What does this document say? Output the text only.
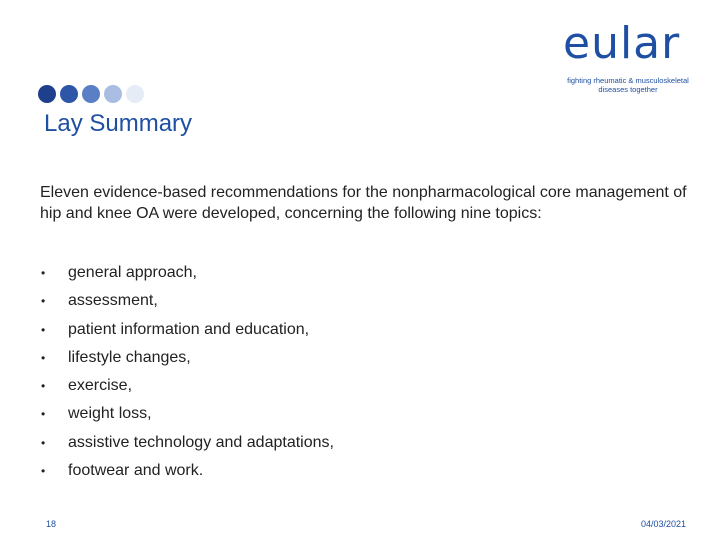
eular
fighting rheumatic & musculoskeletal
diseases together
Lay Summary
Eleven evidence-based recommendations for the nonpharmacological core management of hip and knee OA were developed, concerning the following nine topics:
•	general approach,
•	assessment,
•	patient information and education,
•	lifestyle changes,
•	exercise,
•	weight loss,
•	assistive technology and adaptations,
•	footwear and work.
18	04/03/2021
